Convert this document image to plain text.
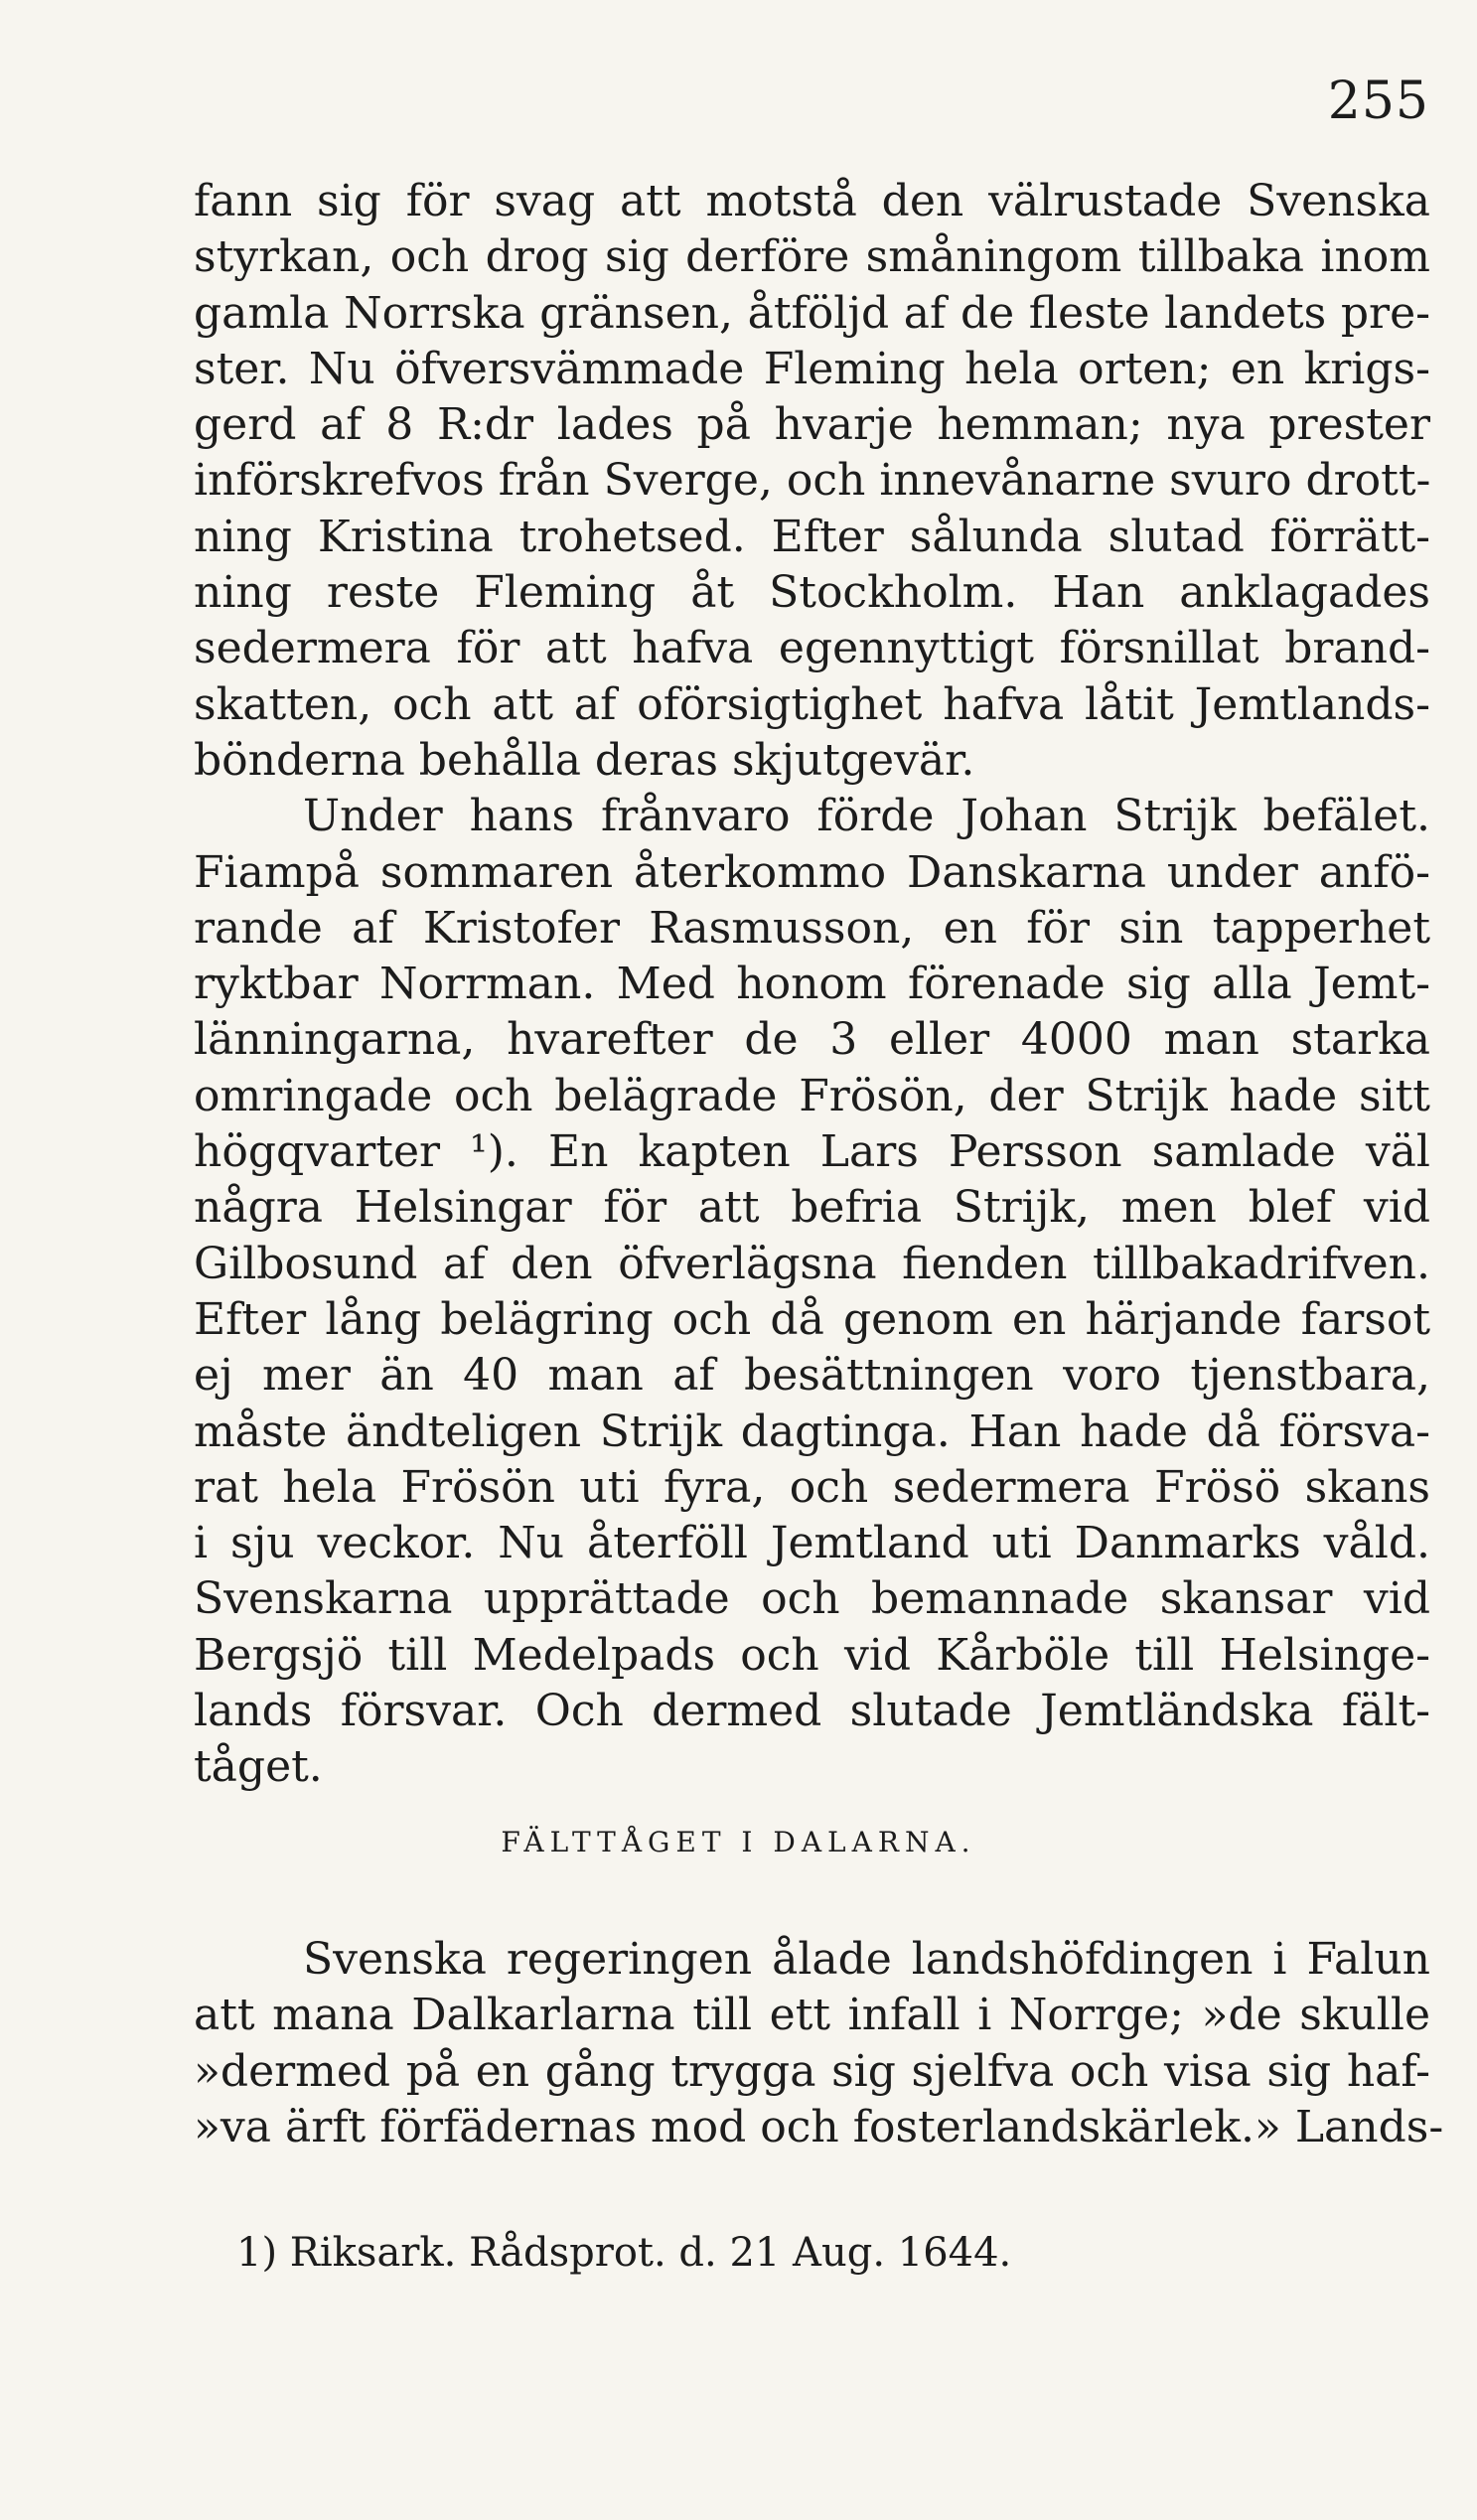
255
fann sig för svag att motstå den välrustade Svenska
styrkan, och drog sig derföre småningom tillbaka inom
gamla Norrska gränsen, åtföljd af de fleste landets pre-
ster. Nu öfversvämmade Fleming hela orten; en krigs-
gerd af 8 R:dr lades på hvarje hemman; nya prester
införskrefvos från Sverge, och innevånarne svuro drott-
ning Kristina trohetsed. Efter sålunda slutad förrätt-
ning reste Fleming åt Stockholm. Han anklagades
sedermera för att hafva egennyttigt försnillat brand-
skatten, och att af oförsigtighet hafva låtit Jemtlands-
bönderna behålla deras skjutgevär.
Under hans frånvaro förde Johan Strijk befälet.
Fiampå sommaren återkommo Danskarna under anfö-
rande af Kristofer Rasmusson, en för sin tapperhet
ryktbar Norrman. Med honom förenade sig alla Jemt-
länningarna, hvarefter de 3 eller 4000 man starka
omringade och belägrade Frösön, der Strijk hade sitt
högqvarter ¹). En kapten Lars Persson samlade väl
några Helsingar för att befria Strijk, men blef vid
Gilbosund af den öfverlägsna fienden tillbakadrifven.
Efter lång belägring och då genom en härjande farsot
ej mer än 40 man af besättningen voro tjenstbara,
måste ändteligen Strijk dagtinga. Han hade då försva-
rat hela Frösön uti fyra, och sedermera Frösö skans
i sju veckor. Nu återföll Jemtland uti Danmarks våld.
Svenskarna upprättade och bemannade skansar vid
Bergsjö till Medelpads och vid Kårböle till Helsinge-
lands försvar. Och dermed slutade Jemtländska fält-
tåget.
FÄLTTÅGET I DALARNA.
Svenska regeringen ålade landshöfdingen i Falun
att mana Dalkarlarna till ett infall i Norrge; »de skulle
»dermed på en gång trygga sig sjelfva och visa sig haf-
»va ärft förfädernas mod och fosterlandskärlek.» Lands-
1) Riksark. Rådsprot. d. 21 Aug. 1644.
